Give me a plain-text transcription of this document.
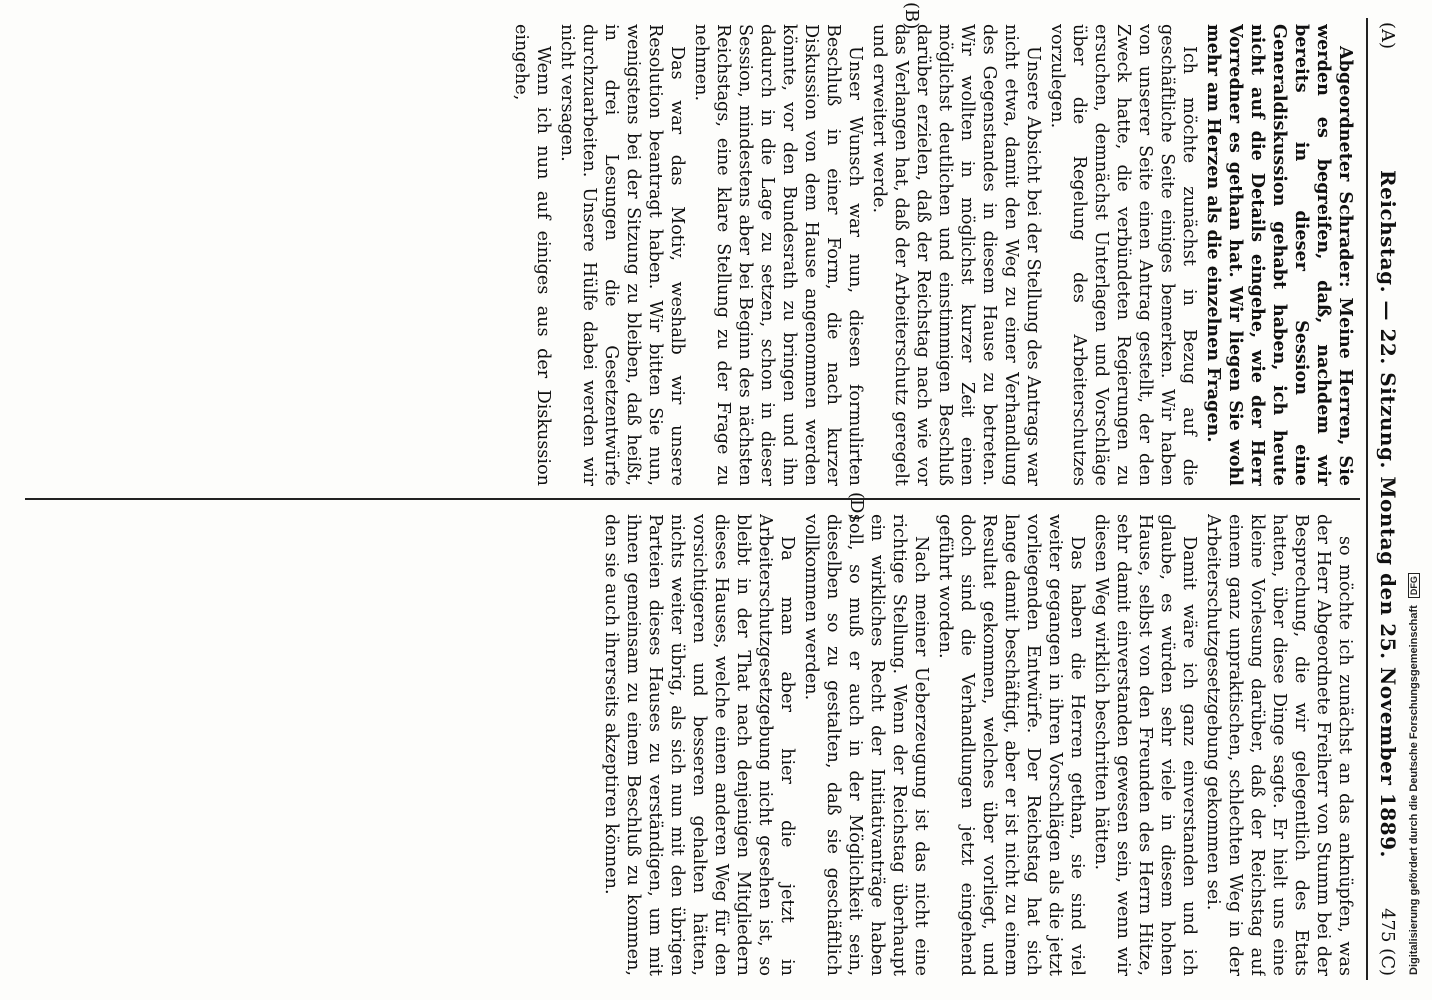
(A)
Reichstag. — 22. Sitzung. Montag den 25. November 1889.
475 (C)
(B)
(D)

Abgeordneter Schrader: Meine Herren, Sie werden es begreifen, daß, nachdem wir bereits in dieser Session eine Generaldiskussion gehabt haben, ich heute nicht auf die Details eingehe, wie der Herr Vorredner es gethan hat. Wir liegen Sie wohl mehr am Herzen als die einzelnen Fragen.

Ich möchte zunächst in Bezug auf die geschäftliche Seite einiges bemerken. Wir haben von unserer Seite einen Antrag gestellt, der den Zweck hatte, die verbündeten Regierungen zu ersuchen, demnächst Unterlagen und Vorschläge über die Regelung des Arbeiterschutzes vorzulegen.

Unsere Absicht bei der Stellung des Antrags war nicht etwa, damit den Weg zu einer Verhandlung des Gegenstandes in diesem Hause zu betreten. Wir wollten in möglichst kurzer Zeit einen möglichst deutlichen und einstimmigen Beschluß darüber erzielen, daß der Reichstag nach wie vor das Verlangen hat, daß der Arbeiterschutz geregelt und erweitert werde.

Unser Wunsch war nun, diesen formulirten Beschluß in einer Form, die nach kurzer Diskussion von dem Hause angenommen werden könnte, vor den Bundesrath zu bringen und ihn dadurch in die Lage zu setzen, schon in dieser Session, mindestens aber bei Beginn des nächsten Reichstags, eine klare Stellung zu der Frage zu nehmen.

Das war das Motiv, weshalb wir unsere Resolution beantragt haben. Wir bitten Sie nun, wenigstens bei der Sitzung zu bleiben, daß heißt, in drei Lesungen die Gesetzentwürfe durchzuarbeiten. Unsere Hülfe dabei werden wir nicht versagen.

Wenn ich nun auf einiges aus der Diskussion eingehe,

so möchte ich zunächst an das anknüpfen, was der Herr Abgeordnete Freiherr von Stumm bei der Besprechung, die wir gelegentlich des Etats hatten, über diese Dinge sagte. Er hielt uns eine kleine Vorlesung darüber, daß der Reichstag auf einem ganz unpraktischen, schlechten Weg in der Arbeiterschutzgesetzgebung gekommen sei.

Damit wäre ich ganz einverstanden und ich glaube, es würden sehr viele in diesem hohen Hause, selbst von den Freunden des Herrn Hitze, sehr damit einverstanden gewesen sein, wenn wir diesen Weg wirklich beschritten hätten.

Das haben die Herren gethan, sie sind viel weiter gegangen in ihren Vorschlägen als die jetzt vorliegenden Entwürfe. Der Reichstag hat sich lange damit beschäftigt, aber er ist nicht zu einem Resultat gekommen, welches über vorliegt, und doch sind die Verhandlungen jetzt eingehend geführt worden.

Nach meiner Ueberzeugung ist das nicht eine richtige Stellung. Wenn der Reichstag überhaupt ein wirkliches Recht der Initiativanträge haben soll, so muß er auch in der Möglichkeit sein, dieselben so zu gestalten, daß sie geschäftlich vollkommen werden.

Da man aber hier die jetzt in Arbeiterschutzgesetzgebung nicht gesehen ist, so bleibt in der That nach denjenigen Mitgliedern dieses Hauses, welche einen anderen Weg für den vorsichtigeren und besseren gehalten hätten, nichts weiter übrig, als sich nun mit den übrigen Parteien dieses Hauses zu verständigen, um mit ihnen gemeinsam zu einem Beschluß zu kommen, den sie auch ihrerseits akzeptiren können.	Digitalisierung gefördert durch die Deutsche Forschungsgemeinschaft DFG
